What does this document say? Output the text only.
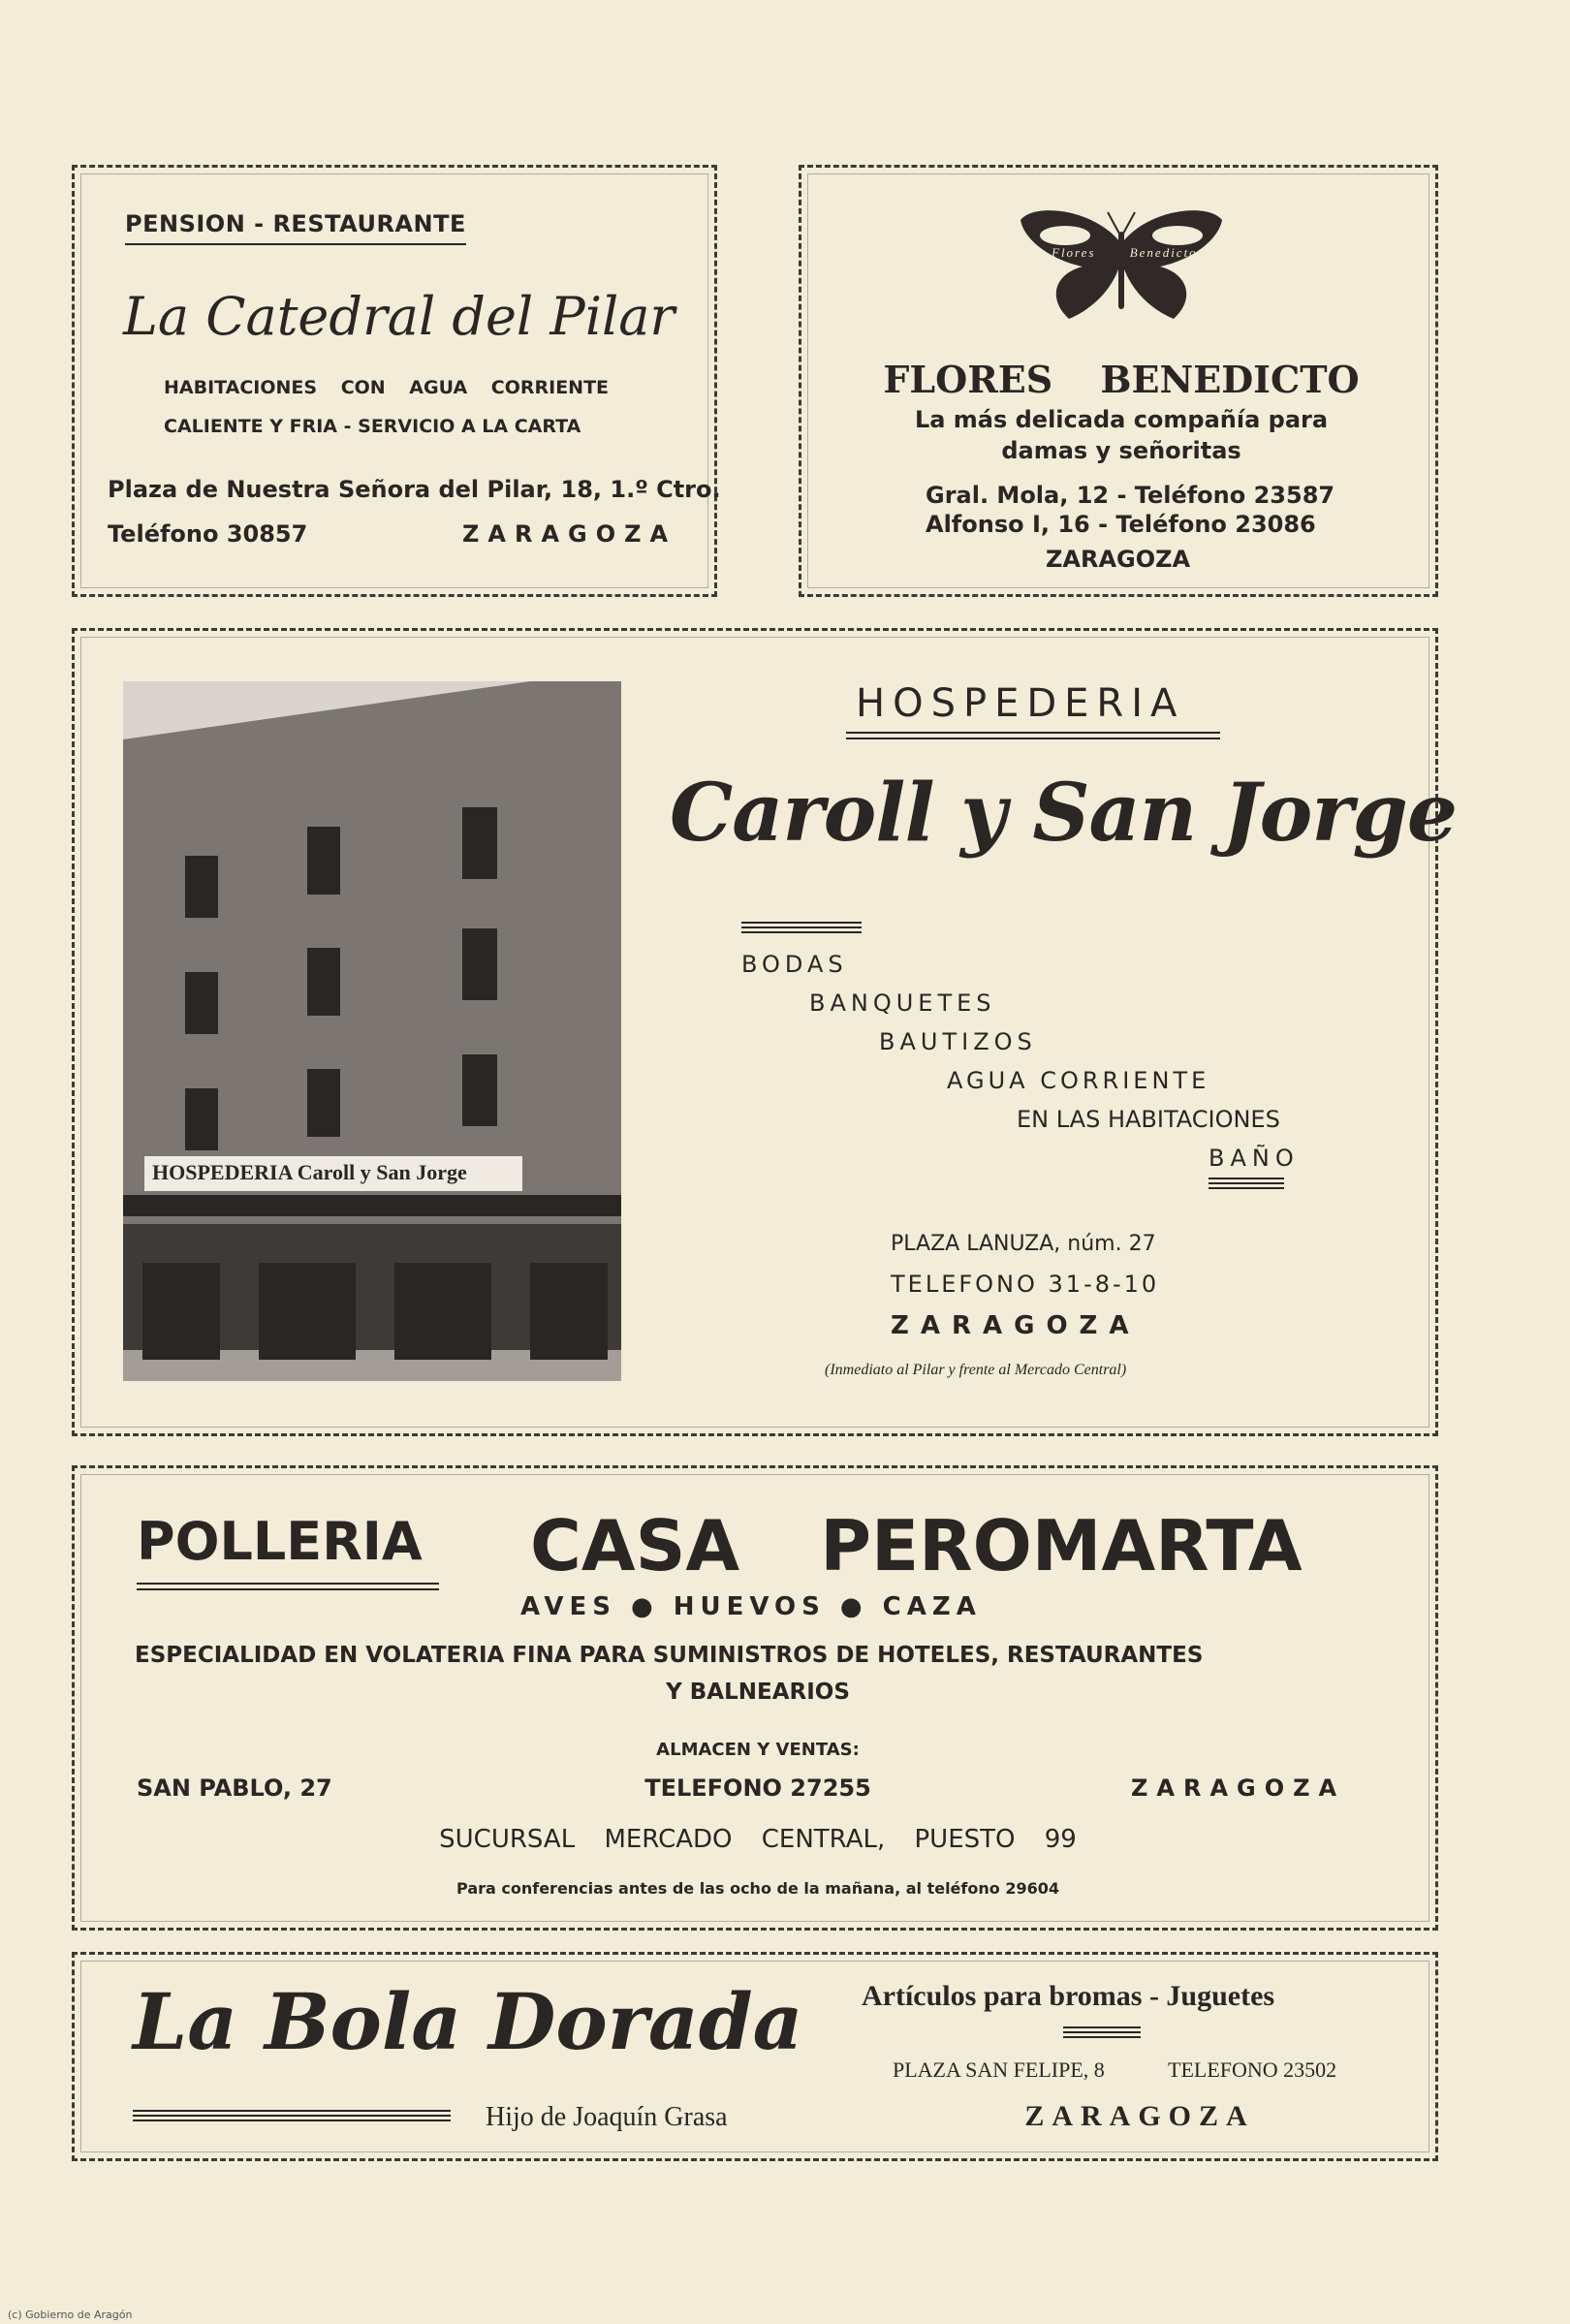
PENSION - RESTAURANTE
La Catedral del Pilar
HABITACIONES CON AGUA CORRIENTE
CALIENTE Y FRIA - SERVICIO A LA CARTA
Plaza de Nuestra Señora del Pilar, 18, 1.º Ctro.
Teléfono 30857	ZARAGOZA
Flores Benedicto
FLORES BENEDICTO
La más delicada compañía para
damas y señoritas
Gral. Mola, 12 - Teléfono 23587
Alfonso I, 16 - Teléfono 23086
ZARAGOZA
HOSPEDERIA Caroll y San Jorge
HOSPEDERIA
Caroll y San Jorge
BODAS
BANQUETES
BAUTIZOS
AGUA CORRIENTE
EN LAS HABITACIONES
BAÑO
PLAZA LANUZA, núm. 27
TELEFONO 31-8-10
ZARAGOZA
(Inmediato al Pilar y frente al Mercado Central)
POLLERIA CASA PEROMARTA
AVES ● HUEVOS ● CAZA
ESPECIALIDAD EN VOLATERIA FINA PARA SUMINISTROS DE HOTELES, RESTAURANTES
Y BALNEARIOS
ALMACEN Y VENTAS:
SAN PABLO, 27	TELEFONO 27255	ZARAGOZA
SUCURSAL MERCADO CENTRAL, PUESTO 99
Para conferencias antes de las ocho de la mañana, al teléfono 29604
La Bola Dorada
Hijo de Joaquín Grasa
Artículos para bromas - Juguetes
PLAZA SAN FELIPE, 8	TELEFONO 23502
ZARAGOZA
(c) Gobierno de Aragón
